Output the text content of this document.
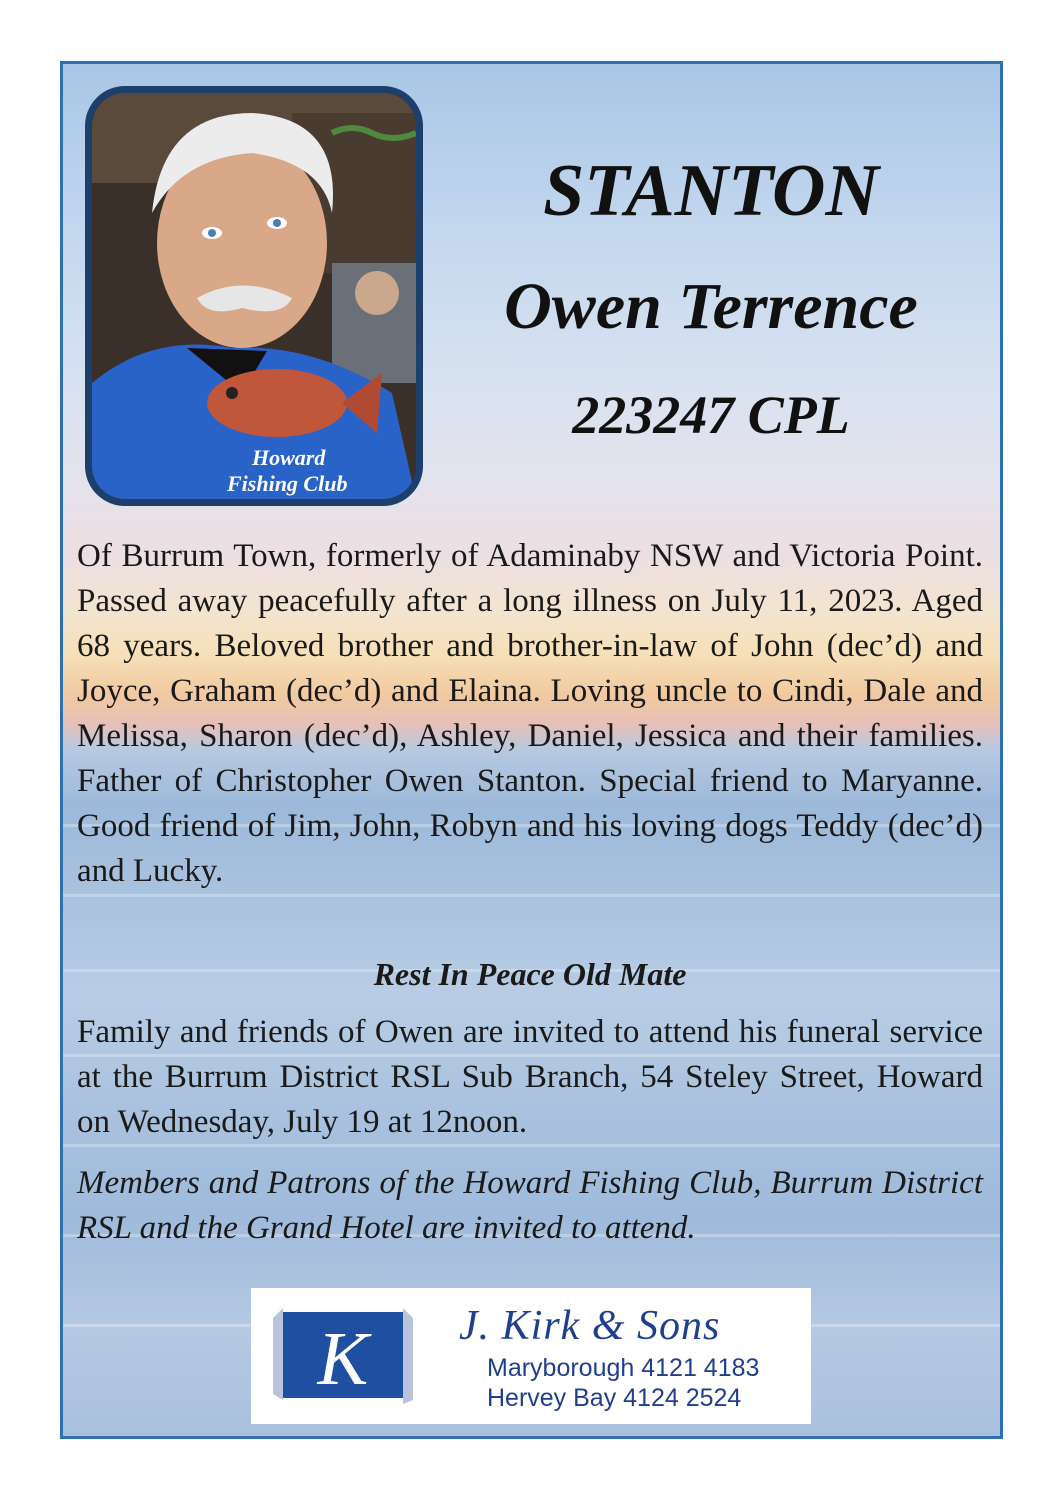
Howard
Fishing Club
STANTON
Owen Terrence
223247 CPL
Of Burrum Town, formerly of Adaminaby NSW and Victoria Point. Passed away peacefully after a long illness on July 11, 2023. Aged 68 years. Beloved brother and brother-in-law of John (dec’d) and Joyce, Graham (dec’d) and Elaina. Loving uncle to Cindi, Dale and Melissa, Sharon (dec’d), Ashley, Daniel, Jessica and their families. Father of Christopher Owen Stanton. Special friend to Maryanne. Good friend of Jim, John, Robyn and his loving dogs Teddy (dec’d) and Lucky.
Rest In Peace Old Mate
Family and friends of Owen are invited to attend his funeral service at the Burrum District RSL Sub Branch, 54 Steley Street, Howard on Wednesday, July 19 at 12noon.
Members and Patrons of the Howard Fishing Club, Burrum District RSL and the Grand Hotel are invited to attend.
K J. Kirk & Sons
Maryborough 4121 4183
Hervey Bay 4124 2524
